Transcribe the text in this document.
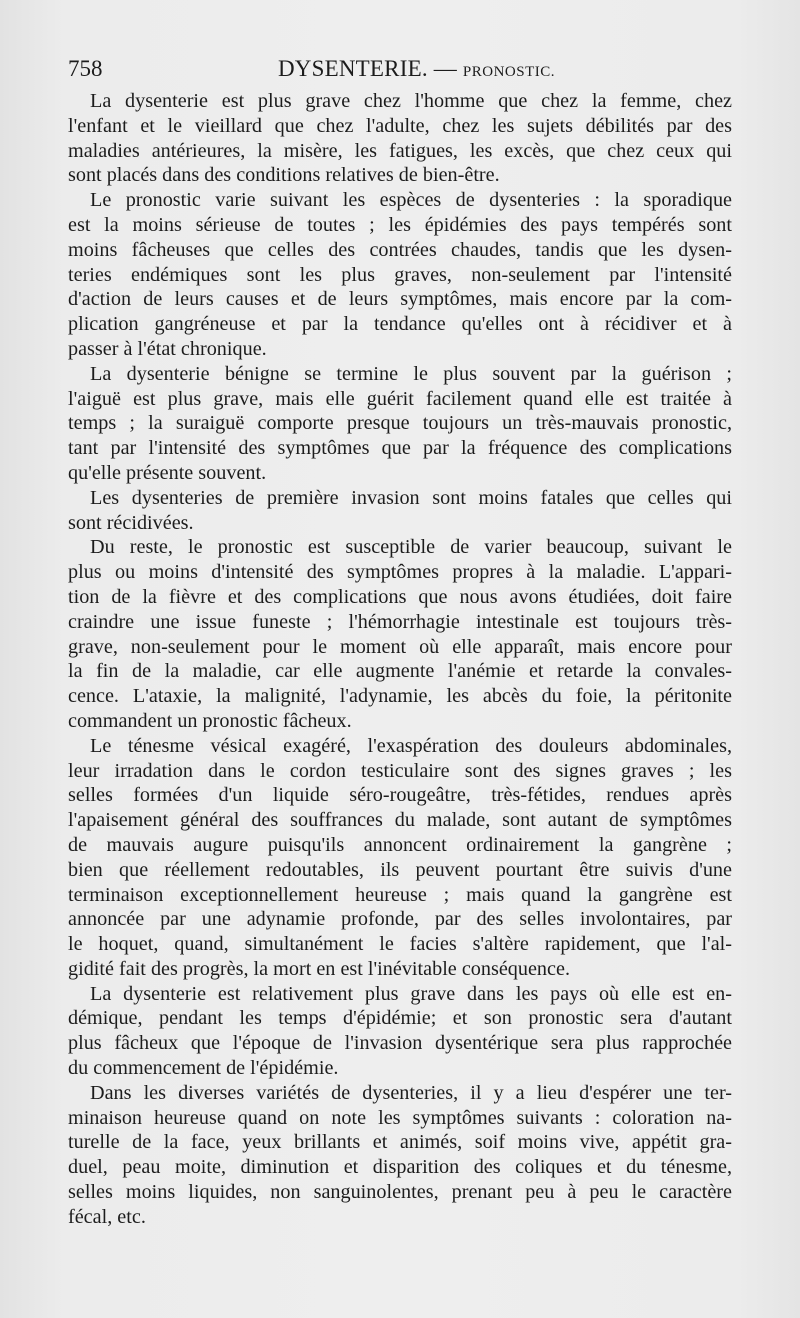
758	DYSENTERIE. — PRONOSTIC.
La dysenterie est plus grave chez l'homme que chez la femme, chez
l'enfant et le vieillard que chez l'adulte, chez les sujets débilités par des
maladies antérieures, la misère, les fatigues, les excès, que chez ceux qui
sont placés dans des conditions relatives de bien-être.
Le pronostic varie suivant les espèces de dysenteries : la sporadique
est la moins sérieuse de toutes ; les épidémies des pays tempérés sont
moins fâcheuses que celles des contrées chaudes, tandis que les dysen-
teries endémiques sont les plus graves, non-seulement par l'intensité
d'action de leurs causes et de leurs symptômes, mais encore par la com-
plication gangréneuse et par la tendance qu'elles ont à récidiver et à
passer à l'état chronique.
La dysenterie bénigne se termine le plus souvent par la guérison ;
l'aiguë est plus grave, mais elle guérit facilement quand elle est traitée à
temps ; la suraiguë comporte presque toujours un très-mauvais pronostic,
tant par l'intensité des symptômes que par la fréquence des complications
qu'elle présente souvent.
Les dysenteries de première invasion sont moins fatales que celles qui
sont récidivées.
Du reste, le pronostic est susceptible de varier beaucoup, suivant le
plus ou moins d'intensité des symptômes propres à la maladie. L'appari-
tion de la fièvre et des complications que nous avons étudiées, doit faire
craindre une issue funeste ; l'hémorrhagie intestinale est toujours très-
grave, non-seulement pour le moment où elle apparaît, mais encore pour
la fin de la maladie, car elle augmente l'anémie et retarde la convales-
cence. L'ataxie, la malignité, l'adynamie, les abcès du foie, la péritonite
commandent un pronostic fâcheux.
Le ténesme vésical exagéré, l'exaspération des douleurs abdominales,
leur irradation dans le cordon testiculaire sont des signes graves ; les
selles formées d'un liquide séro-rougeâtre, très-fétides, rendues après
l'apaisement général des souffrances du malade, sont autant de symptômes
de mauvais augure puisqu'ils annoncent ordinairement la gangrène ;
bien que réellement redoutables, ils peuvent pourtant être suivis d'une
terminaison exceptionnellement heureuse ; mais quand la gangrène est
annoncée par une adynamie profonde, par des selles involontaires, par
le hoquet, quand, simultanément le facies s'altère rapidement, que l'al-
gidité fait des progrès, la mort en est l'inévitable conséquence.
La dysenterie est relativement plus grave dans les pays où elle est en-
démique, pendant les temps d'épidémie; et son pronostic sera d'autant
plus fâcheux que l'époque de l'invasion dysentérique sera plus rapprochée
du commencement de l'épidémie.
Dans les diverses variétés de dysenteries, il y a lieu d'espérer une ter-
minaison heureuse quand on note les symptômes suivants : coloration na-
turelle de la face, yeux brillants et animés, soif moins vive, appétit gra-
duel, peau moite, diminution et disparition des coliques et du ténesme,
selles moins liquides, non sanguinolentes, prenant peu à peu le caractère
fécal, etc.
